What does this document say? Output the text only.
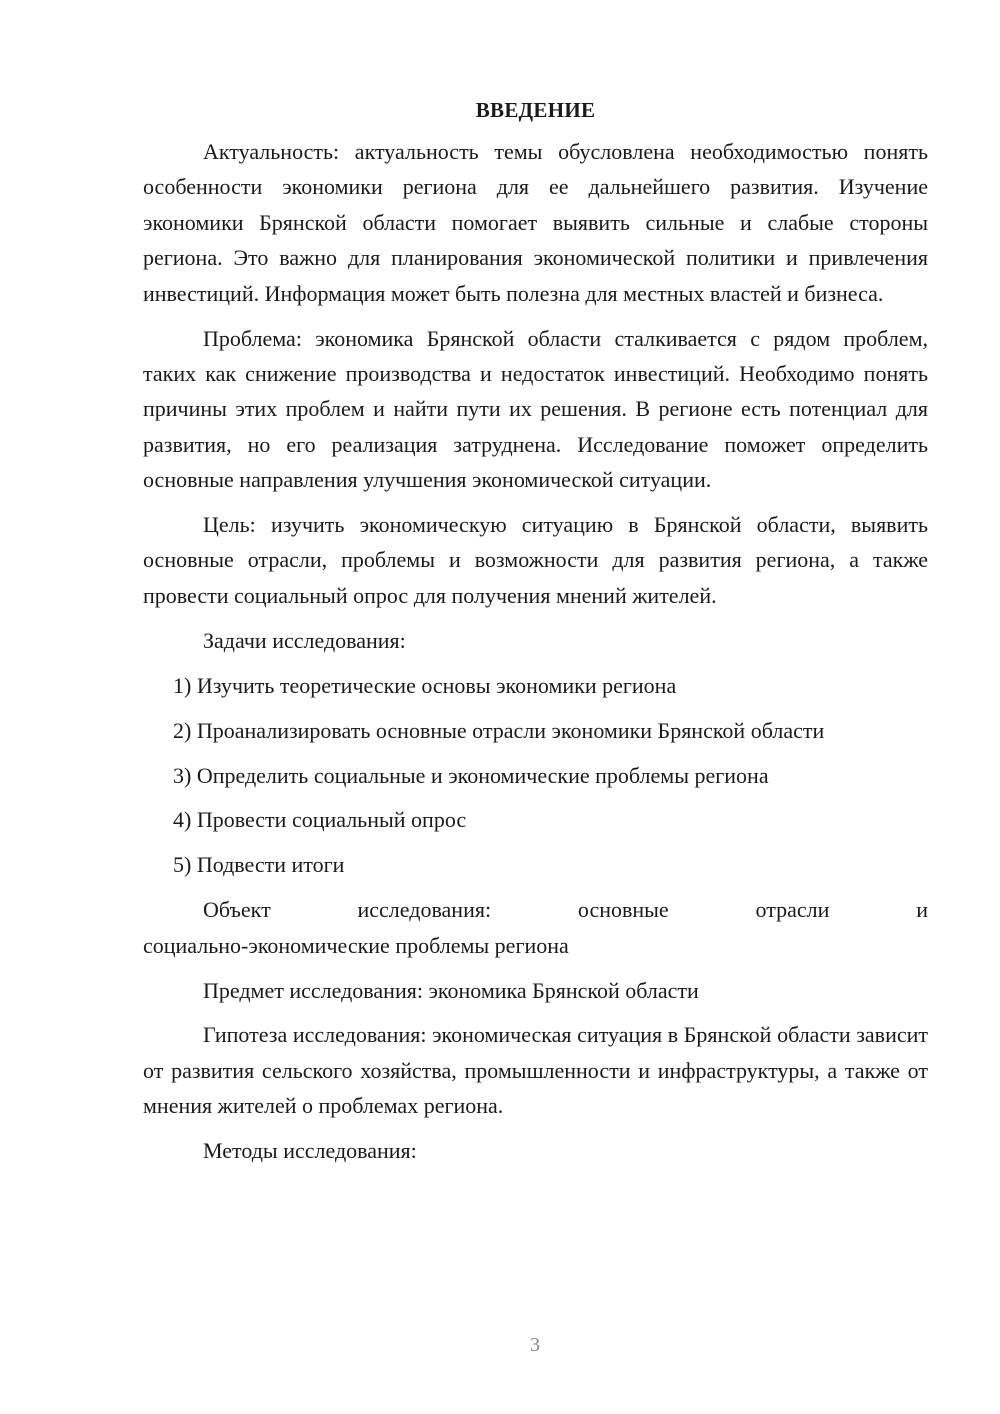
ВВЕДЕНИЕ

Актуальность: актуальность темы обусловлена необходимостью понять особенности экономики региона для ее дальнейшего развития. Изучение экономики Брянской области помогает выявить сильные и слабые стороны региона. Это важно для планирования экономической политики и привлечения инвестиций. Информация может быть полезна для местных властей и бизнеса.

Проблема: экономика Брянской области сталкивается с рядом проблем, таких как снижение производства и недостаток инвестиций. Необходимо понять причины этих проблем и найти пути их решения. В регионе есть потенциал для развития, но его реализация затруднена. Исследование поможет определить основные направления улучшения экономической ситуации.

Цель: изучить экономическую ситуацию в Брянской области, выявить основные отрасли, проблемы и возможности для развития региона, а также провести социальный опрос для получения мнений жителей.

Задачи исследования:

1) Изучить теоретические основы экономики региона
2) Проанализировать основные отрасли экономики Брянской области
3) Определить социальные и экономические проблемы региона
4) Провести социальный опрос
5) Подвести итоги
Объект	исследования:	основные	отрасли	и
социально-экономические проблемы региона

Предмет исследования: экономика Брянской области

Гипотеза исследования: экономическая ситуация в Брянской области зависит от развития сельского хозяйства, промышленности и инфраструктуры, а также от мнения жителей о проблемах региона.

Методы исследования:

3
